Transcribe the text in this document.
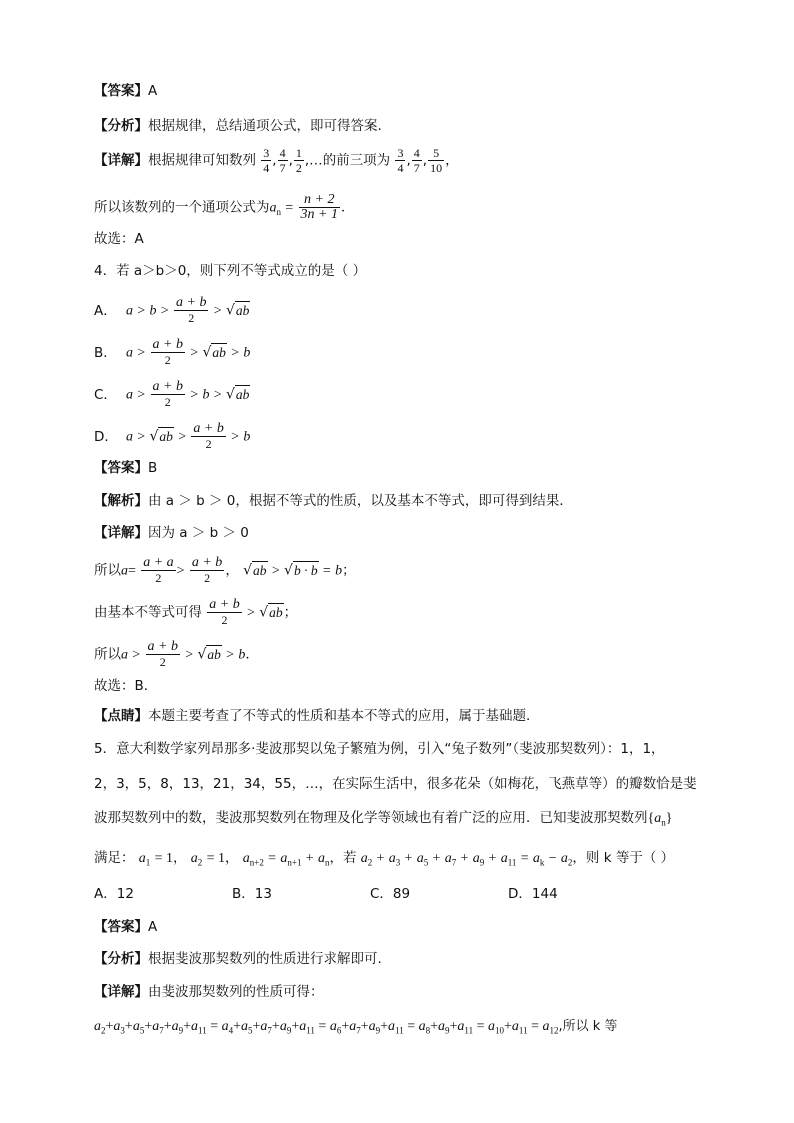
【答案】A
【分析】根据规律，总结通项公式，即可得答案.
【详解】根据规律可知数列 $\frac{3}{4}$ , $\frac{4}{7}$ , $\frac{1}{2}$ ,…的前三项为 $\frac{3}{4}$ , $\frac{4}{7}$ , $\frac{5}{10}$ ，
所以该数列的一个通项公式为$a_n = \frac{n + 2}{3n + 1}$ ．
故选：A
4．若 a＞b＞0，则下列不等式成立的是（ ）
A． $a > b > \frac{a + b}{2} > √ab$
B． $a > \frac{a + b}{2} > √ab > b$
C． $a > \frac{a + b}{2} > b > √ab$
D． $a > √ab > \frac{a + b}{2} > b$
【答案】B
【解析】由 a ＞ b ＞ 0，根据不等式的性质，以及基本不等式，即可得到结果．
【详解】因为 a ＞ b ＞ 0
所以$a= \frac{a + a}{2} > \frac{a + b}{2}$ ， √ab > √b · b = b；
由基本不等式可得 $\frac{a + b}{2} > √ab$；
所以$a > \frac{a + b}{2} > √ab > b$．
故选：B．
【点睛】本题主要考查了不等式的性质和基本不等式的应用，属于基础题.
5．意大利数学家列昂那多·斐波那契以兔子繁殖为例，引入“兔子数列”（斐波那契数列）：1，1，
2，3，5，8，13，21，34，55，…，在实际生活中，很多花朵（如梅花，飞燕草等）的瓣数恰是斐
波那契数列中的数，斐波那契数列在物理及化学等领域也有着广泛的应用．已知斐波那契数列$\{a_n\}$
满足： $a_1 = 1$， $a_2 = 1$， $a_{n+2} = a_{n+1} + a_n$，若 $a_2 + a_3 + a_5 + a_7 + a_9 + a_{11} = a_k - a_2$，则 k 等于（ ）
A．12	B．13	C．89	D．144
【答案】A
【分析】根据斐波那契数列的性质进行求解即可.
【详解】由斐波那契数列的性质可得：
$a_2+a_3+a_5+a_7+a_9+a_{11} = a_4+a_5+a_7+a_9+a_{11} = a_6+a_7+a_9+a_{11} = a_8+a_9+a_{11} = a_{10}+a_{11} = a_{12}$,所以 k 等
